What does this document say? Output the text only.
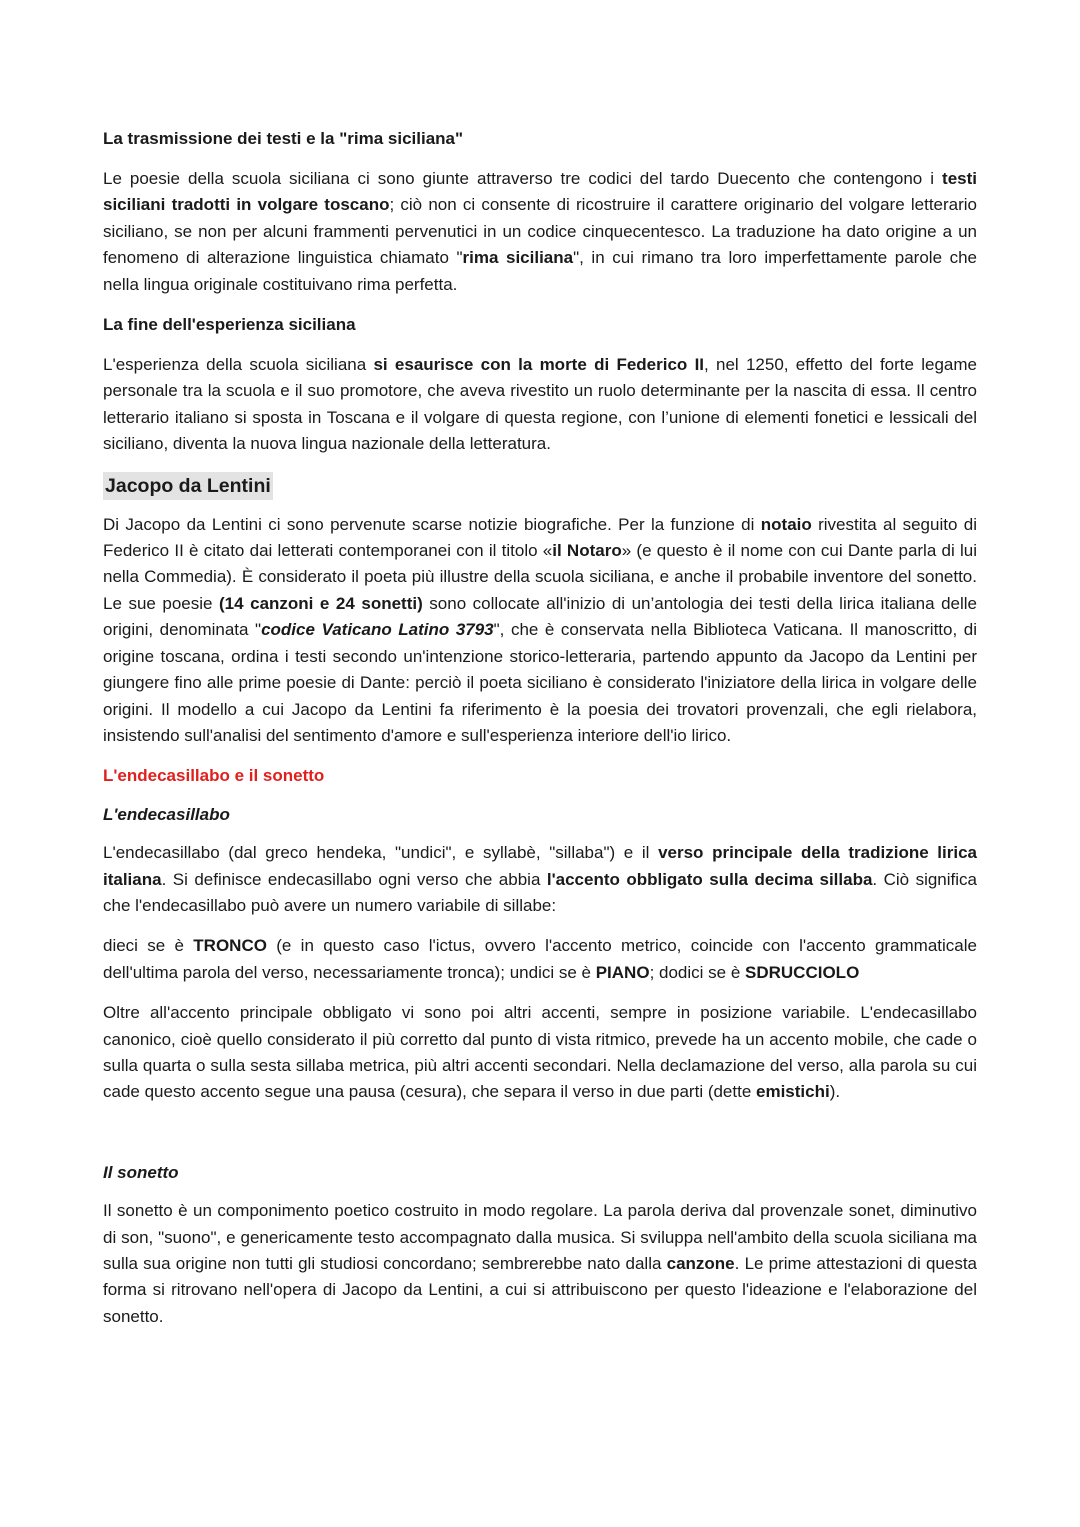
La trasmissione dei testi e la "rima siciliana"

Le poesie della scuola siciliana ci sono giunte attraverso tre codici del tardo Duecento che contengono i testi siciliani tradotti in volgare toscano; ciò non ci consente di ricostruire il carattere originario del volgare letterario siciliano, se non per alcuni frammenti pervenutici in un codice cinquecentesco. La traduzione ha dato origine a un fenomeno di alterazione linguistica chiamato "rima siciliana", in cui rimano tra loro imperfettamente parole che nella lingua originale costituivano rima perfetta.

La fine dell'esperienza siciliana

L'esperienza della scuola siciliana si esaurisce con la morte di Federico II, nel 1250, effetto del forte legame personale tra la scuola e il suo promotore, che aveva rivestito un ruolo determinante per la nascita di essa. Il centro letterario italiano si sposta in Toscana e il volgare di questa regione, con l’unione di elementi fonetici e lessicali del siciliano, diventa la nuova lingua nazionale della letteratura.

Jacopo da Lentini

Di Jacopo da Lentini ci sono pervenute scarse notizie biografiche. Per la funzione di notaio rivestita al seguito di Federico II è citato dai letterati contemporanei con il titolo «il Notaro» (e questo è il nome con cui Dante parla di lui nella Commedia). È considerato il poeta più illustre della scuola siciliana, e anche il probabile inventore del sonetto. Le sue poesie (14 canzoni e 24 sonetti) sono collocate all'inizio di un’antologia dei testi della lirica italiana delle origini, denominata "codice Vaticano Latino 3793", che è conservata nella Biblioteca Vaticana. Il manoscritto, di origine toscana, ordina i testi secondo un'intenzione storico-letteraria, partendo appunto da Jacopo da Lentini per giungere fino alle prime poesie di Dante: perciò il poeta siciliano è considerato l'iniziatore della lirica in volgare delle origini. Il modello a cui Jacopo da Lentini fa riferimento è la poesia dei trovatori provenzali, che egli rielabora, insistendo sull'analisi del sentimento d'amore e sull'esperienza interiore dell'io lirico.

L'endecasillabo e il sonetto
L'endecasillabo

L'endecasillabo (dal greco hendeka, "undici", e syllabè, "sillaba") e il verso principale della tradizione lirica italiana. Si definisce endecasillabo ogni verso che abbia l'accento obbligato sulla decima sillaba. Ciò significa che l'endecasillabo può avere un numero variabile di sillabe:

dieci se è TRONCO (e in questo caso l'ictus, ovvero l'accento metrico, coincide con l'accento grammaticale dell'ultima parola del verso, necessariamente tronca); undici se è PIANO; dodici se è SDRUCCIOLO

Oltre all'accento principale obbligato vi sono poi altri accenti, sempre in posizione variabile. L'endecasillabo canonico, cioè quello considerato il più corretto dal punto di vista ritmico, prevede ha un accento mobile, che cade o sulla quarta o sulla sesta sillaba metrica, più altri accenti secondari. Nella declamazione del verso, alla parola su cui cade questo accento segue una pausa (cesura), che separa il verso in due parti (dette emistichi).

Il sonetto

Il sonetto è un componimento poetico costruito in modo regolare. La parola deriva dal provenzale sonet, diminutivo di son, "suono", e genericamente testo accompagnato dalla musica. Si sviluppa nell'ambito della scuola siciliana ma sulla sua origine non tutti gli studiosi concordano; sembrerebbe nato dalla canzone. Le prime attestazioni di questa forma si ritrovano nell'opera di Jacopo da Lentini, a cui si attribuiscono per questo l'ideazione e l'elaborazione del sonetto.
